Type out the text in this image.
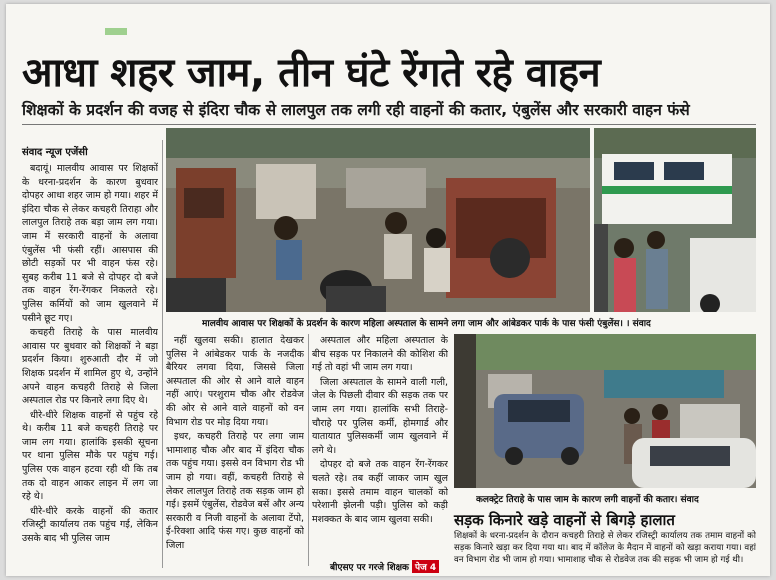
आधा शहर जाम, तीन घंटे रेंगते रहे वाहन
शिक्षकों के प्रदर्शन की वजह से इंदिरा चौक से लालपुल तक लगी रही वाहनों की कतार, एंबुलेंस और सरकारी वाहन फंसे
संवाद न्यूज एजेंसी

बदायूं। मालवीय आवास पर शिक्षकों के धरना-प्रदर्शन के कारण बुधवार दोपहर आधा शहर जाम हो गया। शहर में इंदिरा चौक से लेकर कचहरी तिराहा और लालपुल तिराहे तक बड़ा जाम लग गया। जाम में सरकारी वाहनों के अलावा एंबुलेंस भी फंसी रहीं। आसपास की छोटी सड़कों पर भी वाहन फंस रहे। सुबह करीब 11 बजे से दोपहर दो बजे तक वाहन रेंग-रेंगकर निकलते रहे। पुलिस कर्मियों को जाम खुलवाने में पसीने छूट गए।

कचहरी तिराहे के पास मालवीय आवास पर बुधवार को शिक्षकों ने बड़ा प्रदर्शन किया। शुरुआती दौर में जो शिक्षक प्रदर्शन में शामिल हुए थे, उन्होंने अपने वाहन कचहरी तिराहे से जिला अस्पताल रोड पर किनारे लगा दिए थे।

धीरे-धीरे शिक्षक वाहनों से पहुंच रहे थे। करीब 11 बजे कचहरी तिराहे पर जाम लग गया। हालांकि इसकी सूचना पर थाना पुलिस मौके पर पहुंच गई। पुलिस एक वाहन हटवा रही थी कि तब तक दो वाहन आकर लाइन में लग जा रहे थे।

धीरे-धीरे करके वाहनों की कतार रजिस्ट्री कार्यालय तक पहुंच गई, लेकिन उसके बाद भी पुलिस जाम

मालवीय आवास पर शिक्षकों के प्रदर्शन के कारण महिला अस्पताल के सामने लगा जाम और आंबेडकर पार्क के पास फंसी एंबुलेंस। । संवाद

नहीं खुलवा सकी। हालात देखकर पुलिस ने आंबेडकर पार्क के नजदीक बैरियर लगवा दिया, जिससे जिला अस्पताल की ओर से आने वाले वाहन नहीं आएं। परशुराम चौक और रोडवेज की ओर से आने वाले वाहनों को वन विभाग रोड पर मोड़ दिया गया।

इधर, कचहरी तिराहे पर लगा जाम भामाशाह चौक और बाद में इंदिरा चौक तक पहुंच गया। इससे वन विभाग रोड भी जाम हो गया। वहीं, कचहरी तिराहे से लेकर लालपुल तिराहे तक सड़क जाम हो गई। इसमें एंबुलेंस, रोडवेज बसें और अन्य सरकारी व निजी वाहनों के अलावा टेंपो, ई-रिक्शा आदि फंस गए। कुछ वाहनों को जिला

अस्पताल और महिला अस्पताल के बीच सड़क पर निकालने की कोशिश की गई तो वहां भी जाम लग गया।

जिला अस्पताल के सामने वाली गली, जेल के पिछली दीवार की सड़क तक पर जाम लग गया। हालांकि सभी तिराहे-चौराहे पर पुलिस कर्मी, होमगार्ड और यातायात पुलिसकर्मी जाम खुलवाने में लगे थे।

दोपहर दो बजे तक वाहन रेंग-रेंगकर चलते रहे। तब कहीं जाकर जाम खुल सका। इससे तमाम वाहन चालकों को परेशानी झेलनी पड़ी। पुलिस को कड़ी मशक्कत के बाद जाम खुलवा सकी।

बीएसए पर गरजे शिक्षक पेज 4
कलक्ट्रेट तिराहे के पास जाम के कारण लगी वाहनों की कतार। संवाद
सड़क किनारे खड़े वाहनों से बिगड़े हालात
शिक्षकों के धरना-प्रदर्शन के दौरान कचहरी तिराहे से लेकर रजिस्ट्री कार्यालय तक तमाम वाहनों को सड़क किनारे खड़ा कर दिया गया था। बाद में कॉलेज के मैदान में वाहनों को खड़ा कराया गया। वहां वन विभाग रोड भी जाम हो गया। भामाशाह चौक से रोडवेज तक की सड़क भी जाम हो गई थी।
